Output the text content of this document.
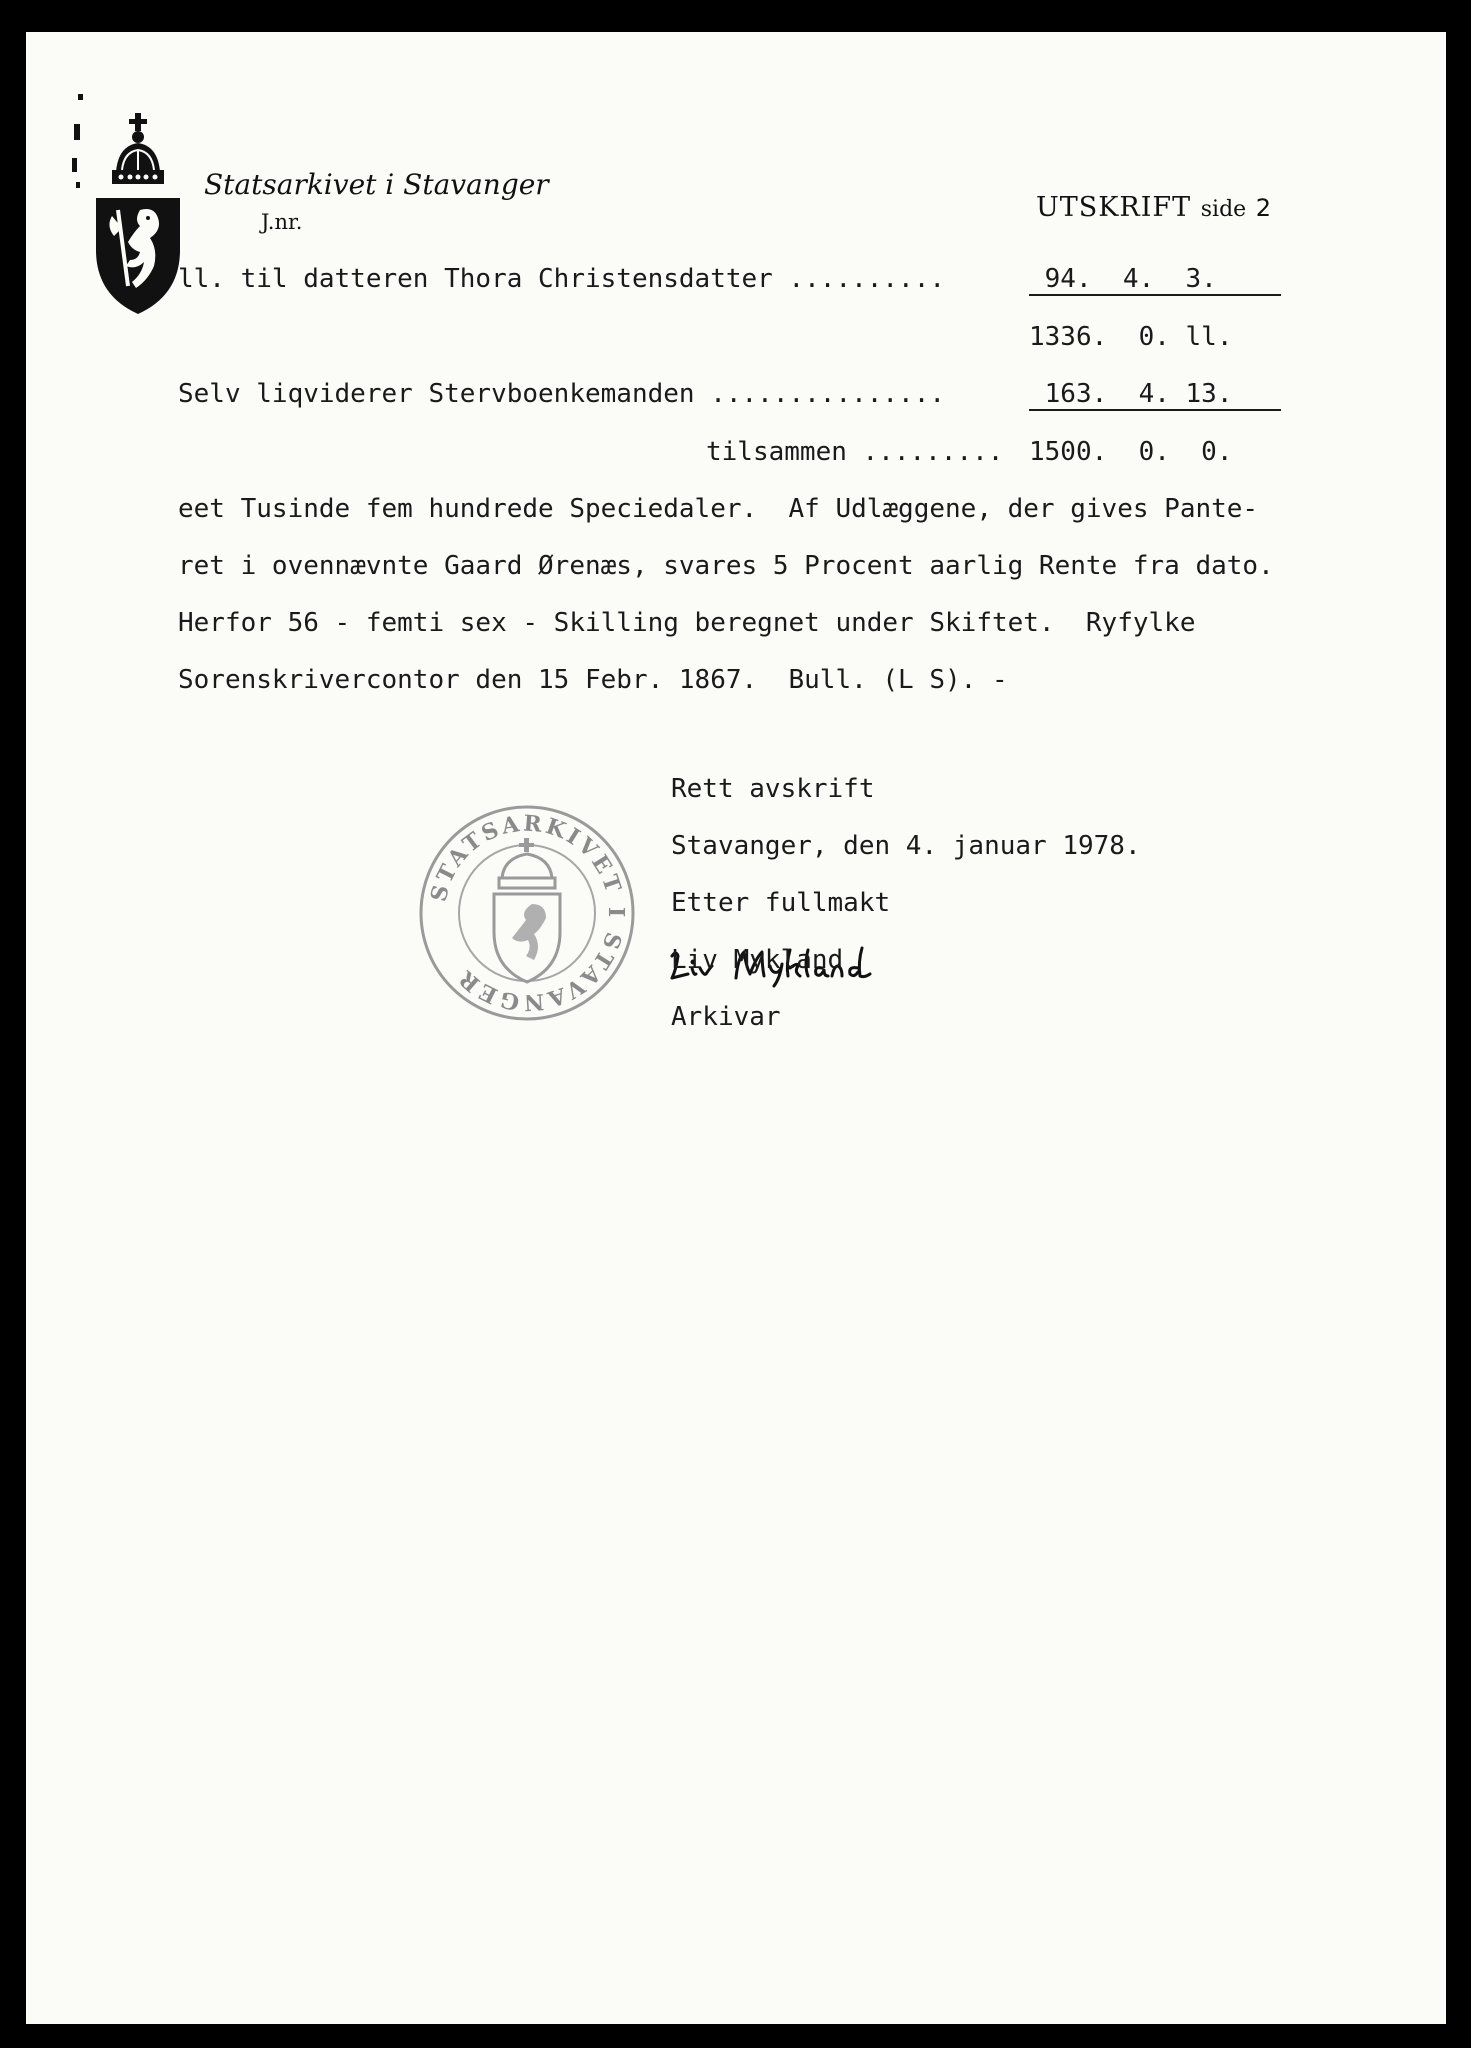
Statsarkivet i Stavanger
J.nr.	UTSKRIFT side 2
ll. til datteren Thora Christensdatter ..........	94.  4.  3.
1336.  0. ll.
Selv liqviderer Stervboenkemanden ...............	163.  4. 13.
tilsammen ......... 1500.  0.  0.
eet Tusinde fem hundrede Speciedaler.  Af Udlæggene, der gives Pante-
ret i ovennævnte Gaard Ørenæs, svares 5 Procent aarlig Rente fra dato.
Herfor 56 - femti sex - Skilling beregnet under Skiftet.  Ryfylke
Sorenskrivercontor den 15 Febr. 1867.  Bull. (L S). -
STATSARKIVET I STAVANGER
Rett avskrift
Stavanger, den 4. januar 1978.
Etter fullmakt
Liv Mykland
Arkivar
